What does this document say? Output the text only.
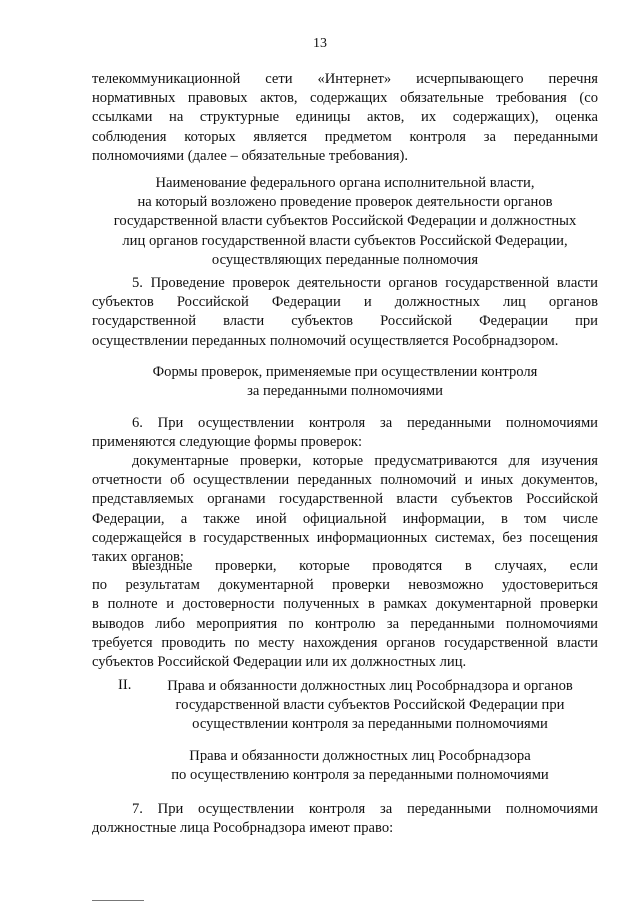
13
телекоммуникационной сети «Интернет» исчерпывающего перечня
нормативных правовых актов, содержащих обязательные требования (со
ссылками на структурные единицы актов, их содержащих), оценка
соблюдения которых является предметом контроля за переданными
полномочиями (далее – обязательные требования).
Наименование федерального органа исполнительной власти,
на который возложено проведение проверок деятельности органов
государственной власти субъектов Российской Федерации и должностных
лиц органов государственной власти субъектов Российской Федерации,
осуществляющих переданные полномочия
5. Проведение проверок деятельности органов государственной власти
субъектов Российской Федерации и должностных лиц органов
государственной власти субъектов Российской Федерации при
осуществлении переданных полномочий осуществляется Рособрнадзором.
Формы проверок, применяемые при осуществлении контроля
за переданными полномочиями
6. При осуществлении контроля за переданными полномочиями
применяются следующие формы проверок:
документарные проверки, которые предусматриваются для изучения
отчетности об осуществлении переданных полномочий и иных документов,
представляемых органами государственной власти субъектов Российской
Федерации, а также иной официальной информации, в том числе
содержащейся в государственных информационных системах, без посещения
таких органов;
выездные проверки, которые проводятся в случаях, если
по результатам документарной проверки невозможно удостовериться
в полноте и достоверности полученных в рамках документарной проверки
выводов либо мероприятия по контролю за переданными полномочиями
требуется проводить по месту нахождения органов государственной власти
субъектов Российской Федерации или их должностных лиц.
II.	Права и обязанности должностных лиц Рособрнадзора и органов
государственной власти субъектов Российской Федерации при
осуществлении контроля за переданными полномочиями
Права и обязанности должностных лиц Рособрнадзора
по осуществлению контроля за переданными полномочиями
7. При осуществлении контроля за переданными полномочиями
должностные лица Рособрнадзора имеют право:
